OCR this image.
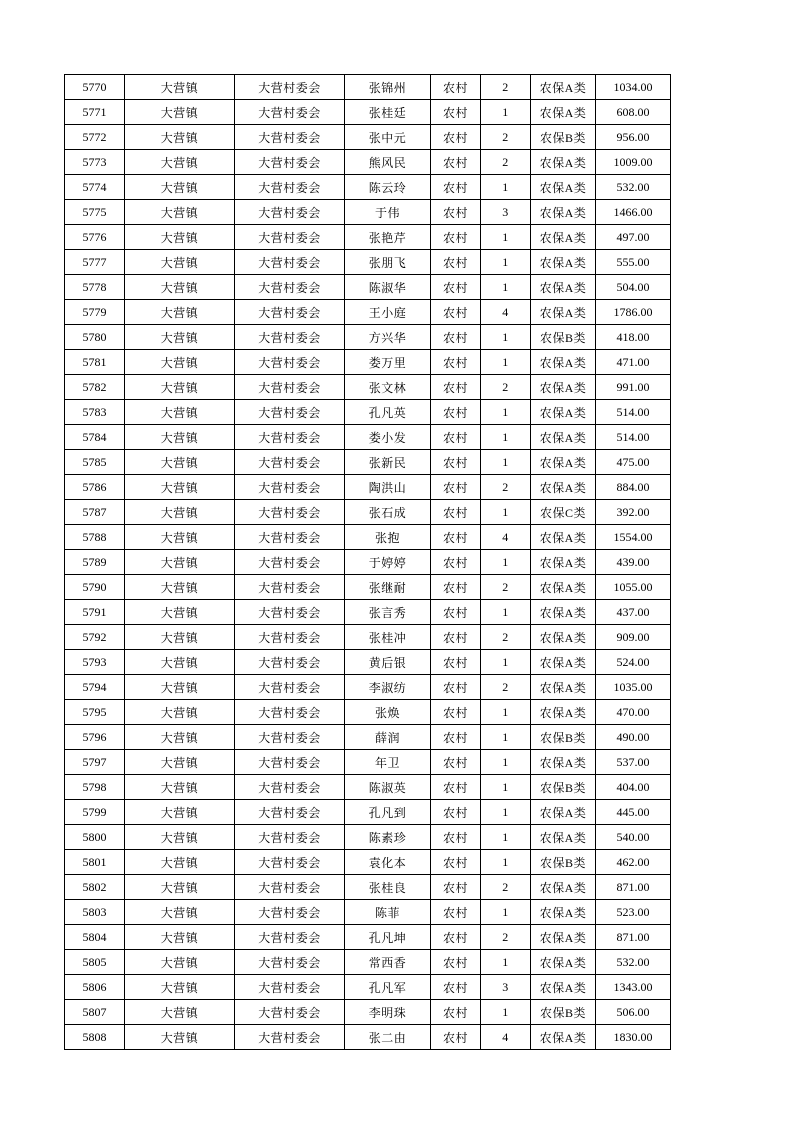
5770	大营镇	大营村委会	张锦州	农村	2	农保A类	1034.00
5771	大营镇	大营村委会	张桂廷	农村	1	农保A类	608.00
5772	大营镇	大营村委会	张中元	农村	2	农保B类	956.00
5773	大营镇	大营村委会	熊风民	农村	2	农保A类	1009.00
5774	大营镇	大营村委会	陈云玲	农村	1	农保A类	532.00
5775	大营镇	大营村委会	于伟	农村	3	农保A类	1466.00
5776	大营镇	大营村委会	张艳芹	农村	1	农保A类	497.00
5777	大营镇	大营村委会	张朋飞	农村	1	农保A类	555.00
5778	大营镇	大营村委会	陈淑华	农村	1	农保A类	504.00
5779	大营镇	大营村委会	王小庭	农村	4	农保A类	1786.00
5780	大营镇	大营村委会	方兴华	农村	1	农保B类	418.00
5781	大营镇	大营村委会	娄万里	农村	1	农保A类	471.00
5782	大营镇	大营村委会	张文林	农村	2	农保A类	991.00
5783	大营镇	大营村委会	孔凡英	农村	1	农保A类	514.00
5784	大营镇	大营村委会	娄小发	农村	1	农保A类	514.00
5785	大营镇	大营村委会	张新民	农村	1	农保A类	475.00
5786	大营镇	大营村委会	陶洪山	农村	2	农保A类	884.00
5787	大营镇	大营村委会	张石成	农村	1	农保C类	392.00
5788	大营镇	大营村委会	张抱	农村	4	农保A类	1554.00
5789	大营镇	大营村委会	于婷婷	农村	1	农保A类	439.00
5790	大营镇	大营村委会	张继耐	农村	2	农保A类	1055.00
5791	大营镇	大营村委会	张言秀	农村	1	农保A类	437.00
5792	大营镇	大营村委会	张桂冲	农村	2	农保A类	909.00
5793	大营镇	大营村委会	黄后银	农村	1	农保A类	524.00
5794	大营镇	大营村委会	李淑纺	农村	2	农保A类	1035.00
5795	大营镇	大营村委会	张焕	农村	1	农保A类	470.00
5796	大营镇	大营村委会	薛润	农村	1	农保B类	490.00
5797	大营镇	大营村委会	年卫	农村	1	农保A类	537.00
5798	大营镇	大营村委会	陈淑英	农村	1	农保B类	404.00
5799	大营镇	大营村委会	孔凡到	农村	1	农保A类	445.00
5800	大营镇	大营村委会	陈素珍	农村	1	农保A类	540.00
5801	大营镇	大营村委会	袁化本	农村	1	农保B类	462.00
5802	大营镇	大营村委会	张桂良	农村	2	农保A类	871.00
5803	大营镇	大营村委会	陈菲	农村	1	农保A类	523.00
5804	大营镇	大营村委会	孔凡坤	农村	2	农保A类	871.00
5805	大营镇	大营村委会	常西香	农村	1	农保A类	532.00
5806	大营镇	大营村委会	孔凡军	农村	3	农保A类	1343.00
5807	大营镇	大营村委会	李明珠	农村	1	农保B类	506.00
5808	大营镇	大营村委会	张二由	农村	4	农保A类	1830.00
